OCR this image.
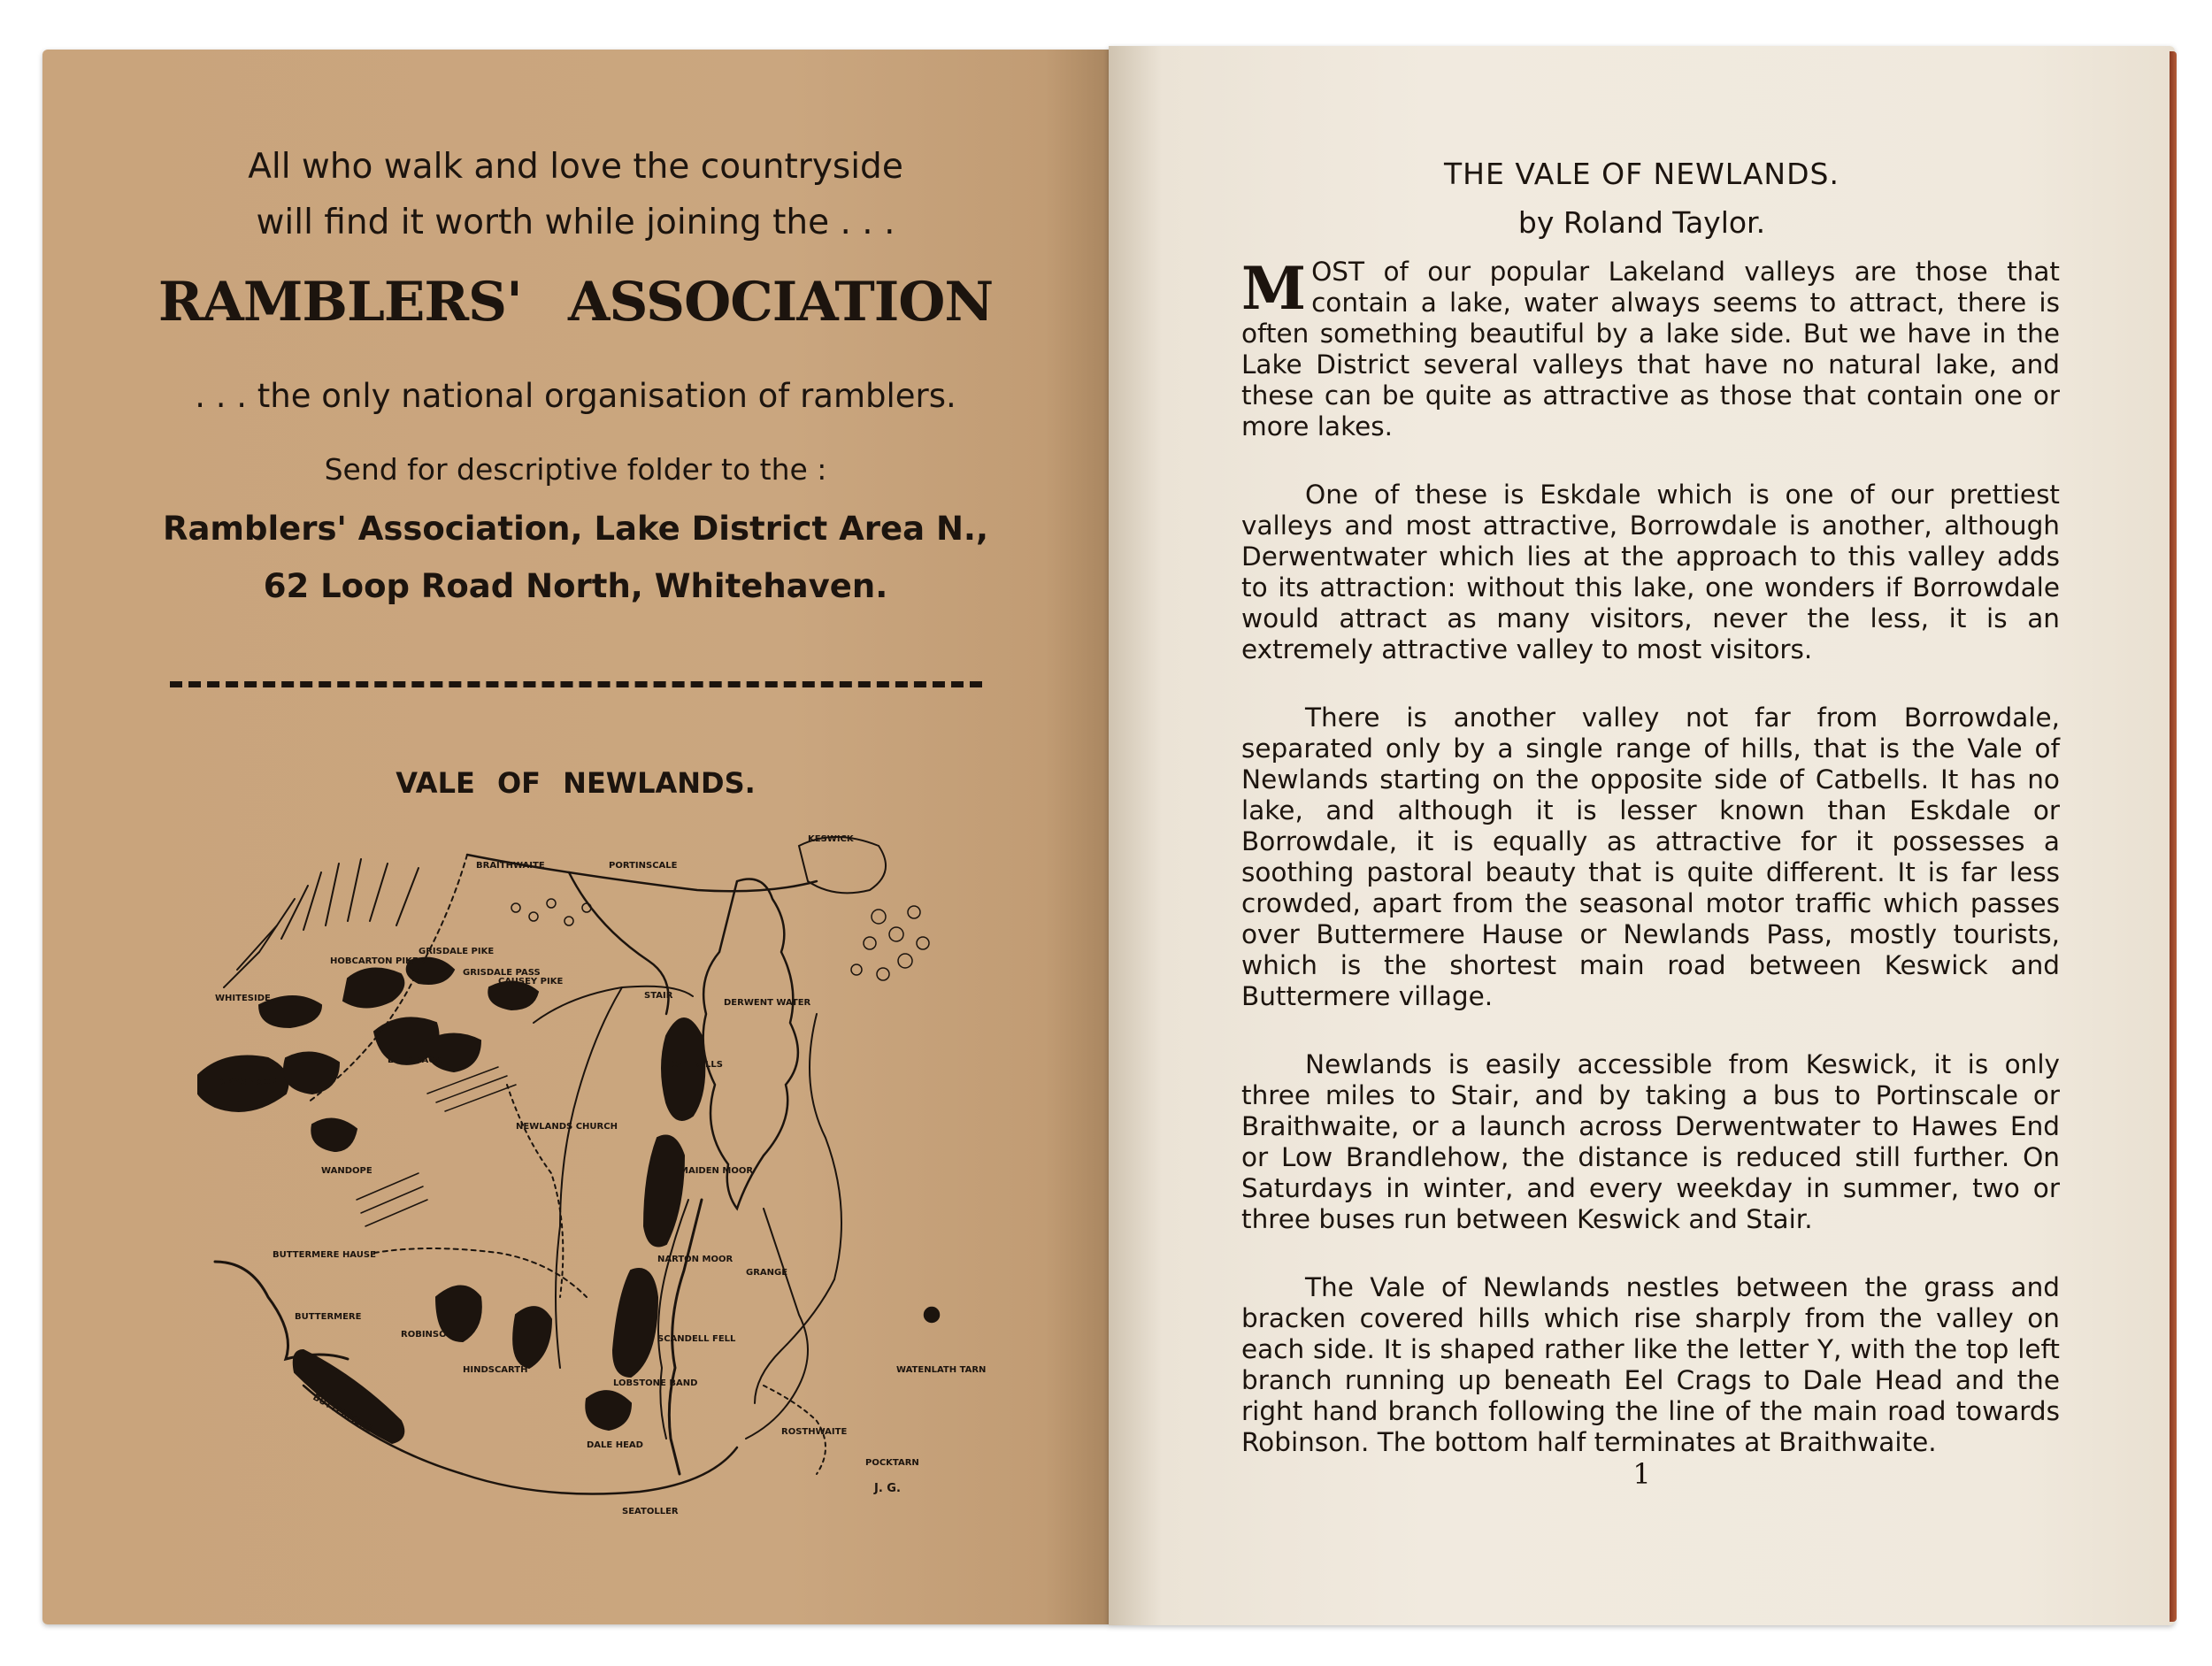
All who walk and love the countryside
will find it worth while joining the . . .
RAMBLERS' ASSOCIATION
. . . the only national organisation of ramblers.
Send for descriptive folder to the :
Ramblers' Association, Lake District Area N.,
62 Loop Road North, Whitehaven.
VALE OF NEWLANDS.
KESWICK
BRAITHWAITE	PORTINSCALE
HOBCARTON PIKE
GRISDALE PIKE
GRISDALE PASS
WHITESIDE
CAUSEY PIKE
STAIR
DERWENT WATER
GRASMOOR
EEL CRAGS	CAT BELLS
NEWLANDS CHURCH
WANDOPE	MAIDEN MOOR
BUTTERMERE HAUSE	NARTON MOOR
GRANGE
BUTTERMERE
ROBINSON
HINDSCARTH
SCANDELL FELL
WATENLATH TARN
LOBSTONE BAND
ROSTHWAITE
DALE HEAD
POCKTARN
SEATOLLER
BUTTERMERE
J. G.
THE VALE OF NEWLANDS.
by Roland Taylor.

MOST of our popular Lakeland valleys are those that contain a lake, water always seems to attract, there is often something beautiful by a lake side. But we have in the Lake District several valleys that have no natural lake, and these can be quite as attractive as those that contain one or more lakes.

One of these is Eskdale which is one of our prettiest valleys and most attractive, Borrowdale is another, although Derwentwater which lies at the approach to this valley adds to its attraction: without this lake, one wonders if Borrowdale would attract as many visitors, never the less, it is an extremely attractive valley to most visitors.

There is another valley not far from Borrowdale, separated only by a single range of hills, that is the Vale of Newlands starting on the opposite side of Catbells. It has no lake, and although it is lesser known than Eskdale or Borrowdale, it is equally as attractive for it possesses a soothing pastoral beauty that is quite different. It is far less crowded, apart from the seasonal motor traffic which passes over Buttermere Hause or Newlands Pass, mostly tourists, which is the shortest main road between Keswick and Buttermere village.

Newlands is easily accessible from Keswick, it is only three miles to Stair, and by taking a bus to Portinscale or Braithwaite, or a launch across Derwentwater to Hawes End or Low Brandlehow, the distance is reduced still further. On Saturdays in winter, and every weekday in summer, two or three buses run between Keswick and Stair.

The Vale of Newlands nestles between the grass and bracken covered hills which rise sharply from the valley on each side. It is shaped rather like the letter Y, with the top left branch running up beneath Eel Crags to Dale Head and the right hand branch following the line of the main road towards Robinson. The bottom half terminates at Braithwaite.

1
